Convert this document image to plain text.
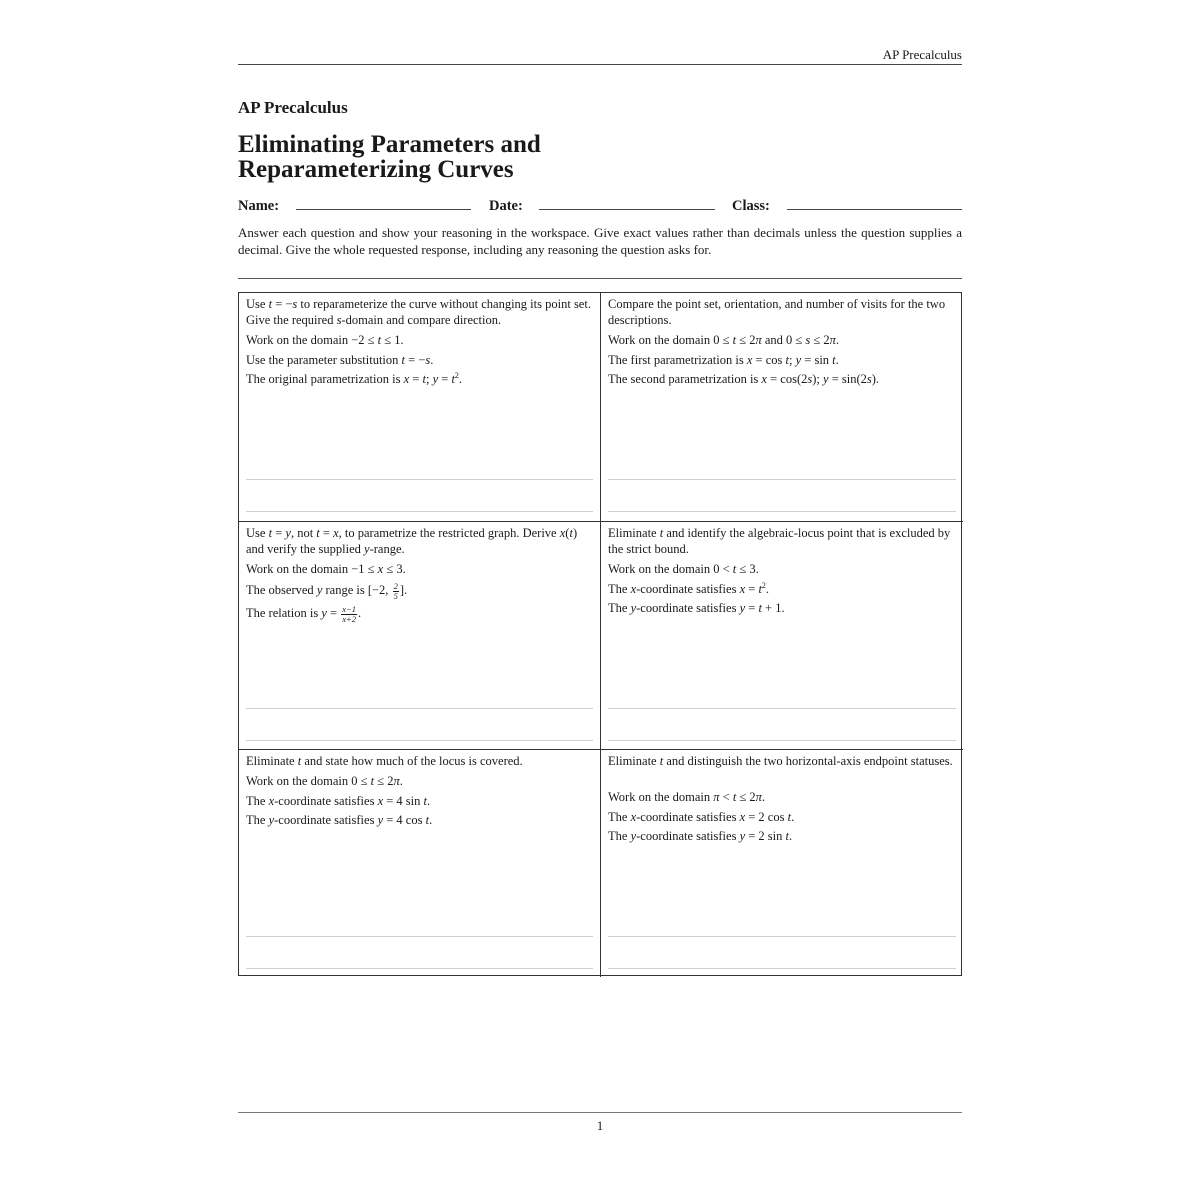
AP Precalculus
AP Precalculus
Eliminating Parameters and
Reparameterizing Curves
Name:	Date:	Class:

Answer each question and show your reasoning in the workspace. Give exact values rather than decimals unless the question supplies a decimal. Give the whole requested response, including any reasoning the question asks for.

Use t = −s to reparameterize the curve without changing its point set. Give the required s-domain and compare direction.
Work on the domain −2 ≤ t ≤ 1.
Use the parameter substitution t = −s.
The original parametrization is x = t; $y = t^2$.
Compare the point set, orientation, and number of visits for the two descriptions.
Work on the domain 0 ≤ t ≤ 2π and 0 ≤ s ≤ 2π.
The first parametrization is x = cos t; y = sin t.
The second parametrization is x = cos(2s); y = sin(2s).
Use t = y, not t = x, to parametrize the restricted graph. Derive x(t) and verify the supplied y-range.
Work on the domain −1 ≤ x ≤ 3.
The observed y range is [−2, $\frac{2}{5}$ ].
The relation is $y = \frac{x-1}{x+2}$ .
Eliminate t and identify the algebraic-locus point that is excluded by the strict bound.
Work on the domain 0 < t ≤ 3.
The x-coordinate satisfies $x = t^2$.
The y-coordinate satisfies y = t + 1.
Eliminate t and state how much of the locus is covered.
Work on the domain 0 ≤ t ≤ 2π.
The x-coordinate satisfies x = 4 sin t.
The y-coordinate satisfies y = 4 cos t.
Eliminate t and distinguish the two horizontal-axis endpoint statuses.
Work on the domain π < t ≤ 2π.
The x-coordinate satisfies x = 2 cos t.
The y-coordinate satisfies y = 2 sin t.
1
